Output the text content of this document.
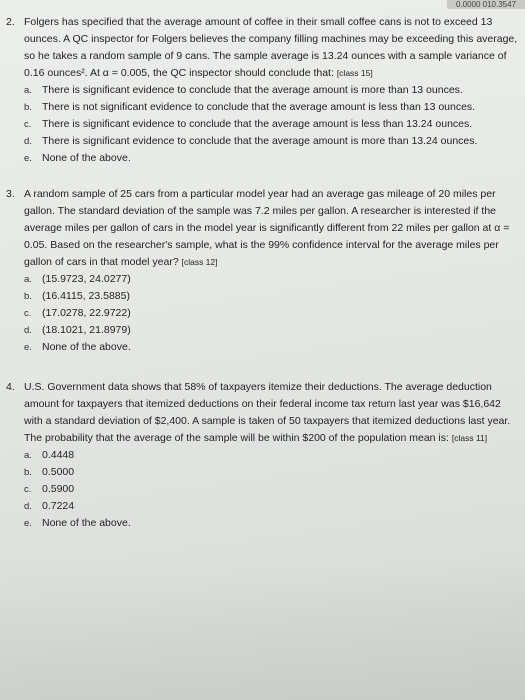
0.0000 010.3547
2. Folgers has specified that the average amount of coffee in their small coffee cans is not to exceed 13 ounces. A QC inspector for Folgers believes the company filling machines may be exceeding this average, so he takes a random sample of 9 cans. The sample average is 13.24 ounces with a sample variance of 0.16 ounces². At α = 0.005, the QC inspector should conclude that: [class 15]

a. There is significant evidence to conclude that the average amount is more than 13 ounces.
b. There is not significant evidence to conclude that the average amount is less than 13 ounces.
c.	There is significant evidence to conclude that the average amount is less than 13.24 ounces.
d. There is significant evidence to conclude that the average amount is more than 13.24 ounces.
e. None of the above.
3. A random sample of 25 cars from a particular model year had an average gas mileage of 20 miles per gallon. The standard deviation of the sample was 7.2 miles per gallon. A researcher is interested if the average miles per gallon of cars in the model year is significantly different from 22 miles per gallon at α = 0.05. Based on the researcher's sample, what is the 99% confidence interval for the average miles per gallon of cars in that model year? [class 12]

a. (15.9723, 24.0277)
b. (16.4115, 23.5885)
c.	(17.0278, 22.9722)
d. (18.1021, 21.8979)
e. None of the above.
4. U.S. Government data shows that 58% of taxpayers itemize their deductions. The average deduction amount for taxpayers that itemized deductions on their federal income tax return last year was $16,642 with a standard deviation of $2,400. A sample is taken of 50 taxpayers that itemized deductions last year. The probability that the average of the sample will be within $200 of the population mean is: [class 11]

a. 0.4448
b. 0.5000
c.	0.5900
d. 0.7224
e. None of the above.
